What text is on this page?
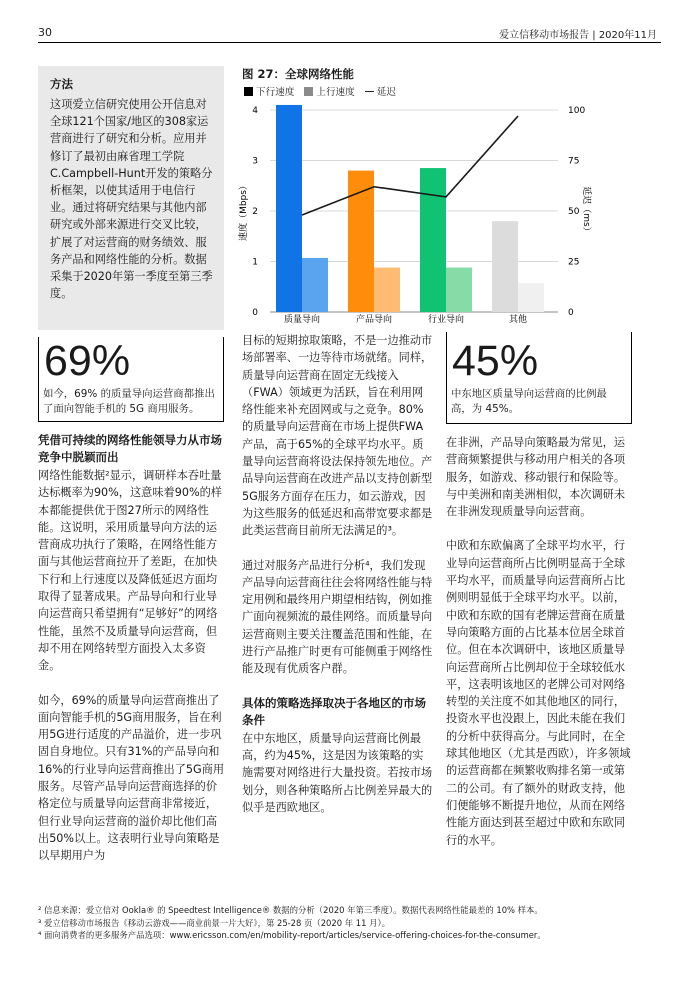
30	爱立信移动市场报告 | 2020年11月
方法

这项爱立信研究使用公开信息对全球121个国家/地区的308家运营商进行了研究和分析。应用并修订了最初由麻省理工学院C.Campbell-Hunt开发的策略分析框架，以使其适用于电信行业。通过将研究结果与其他内部研究或外部来源进行交叉比较，扩展了对运营商的财务绩效、服务产品和网络性能的分析。数据采集于2020年第一季度至第三季度。

69%
如今，69% 的质量导向运营商都推出了面向智能手机的 5G 商用服务。
45%
中东地区质量导向运营商的比例最高，为 45%。
图 27：全球网络性能
下行速度 上行速度 延迟
0
1
2
3
4
0
25
50
75
100
速度（Mbps）	延迟（ms）
质量导向	产品导向	行业导向	其他
凭借可持续的网络性能领导力从市场竞争中脱颖而出

网络性能数据²显示，调研样本吞吐量达标概率为90%，这意味着90%的样本都能提供优于图27所示的网络性能。这说明，采用质量导向方法的运营商成功执行了策略，在网络性能方面与其他运营商拉开了差距，在加快下行和上行速度以及降低延迟方面均取得了显著成果。产品导向和行业导向运营商只希望拥有“足够好”的网络性能，虽然不及质量导向运营商，但却不用在网络转型方面投入太多资金。

如今，69%的质量导向运营商推出了面向智能手机的5G商用服务，旨在利用5G进行适度的产品溢价，进一步巩固自身地位。只有31%的产品导向和16%的行业导向运营商推出了5G商用服务。尽管产品导向运营商选择的价格定位与质量导向运营商非常接近，但行业导向运营商的溢价却比他们高出50%以上。这表明行业导向策略是以早期用户为

目标的短期掠取策略，不是一边推动市场部署率、一边等待市场就绪。同样，质量导向运营商在固定无线接入（FWA）领域更为活跃，旨在利用网络性能来补充固网或与之竞争。80%的质量导向运营商在市场上提供FWA产品，高于65%的全球平均水平。质量导向运营商将设法保持领先地位。产品导向运营商在改进产品以支持创新型5G服务方面存在压力，如云游戏，因为这些服务的低延迟和高带宽要求都是此类运营商目前所无法满足的³。

通过对服务产品进行分析⁴，我们发现产品导向运营商往往会将网络性能与特定用例和最终用户期望相结钩，例如推广面向视频流的最佳网络。而质量导向运营商则主要关注覆盖范围和性能，在进行产品推广时更有可能侧重于网络性能及现有优质客户群。

具体的策略选择取决于各地区的市场条件

在中东地区，质量导向运营商比例最高，约为45%，这是因为该策略的实施需要对网络进行大量投资。若按市场划分，则各种策略所占比例差异最大的似乎是西欧地区。

在非洲，产品导向策略最为常见，运营商频繁提供与移动用户相关的各项服务，如游戏、移动银行和保险等。与中美洲和南美洲相似，本次调研未在非洲发现质量导向运营商。

中欧和东欧偏离了全球平均水平，行业导向运营商所占比例明显高于全球平均水平，而质量导向运营商所占比例则明显低于全球平均水平。以前，中欧和东欧的国有老牌运营商在质量导向策略方面的占比基本位居全球首位。但在本次调研中，该地区质量导向运营商所占比例却位于全球较低水平，这表明该地区的老牌公司对网络转型的关注度不如其他地区的同行，投资水平也没跟上，因此未能在我们的分析中获得高分。与此同时，在全球其他地区（尤其是西欧），许多领域的运营商都在频繁收购排名第一或第二的公司。有了额外的财政支持，他们便能够不断提升地位，从而在网络性能方面达到甚至超过中欧和东欧同行的水平。

² 信息来源：爱立信对 Ookla® 的 Speedtest Intelligence® 数据的分析（2020 年第三季度）。数据代表网络性能最差的 10% 样本。
³ 爱立信移动市场报告《移动云游戏——商业前景一片大好》，第 25-28 页（2020 年 11 月）。
⁴ 面向消费者的更多服务产品选项：www.ericsson.com/en/mobility-report/articles/service-offering-choices-for-the-consumer。
